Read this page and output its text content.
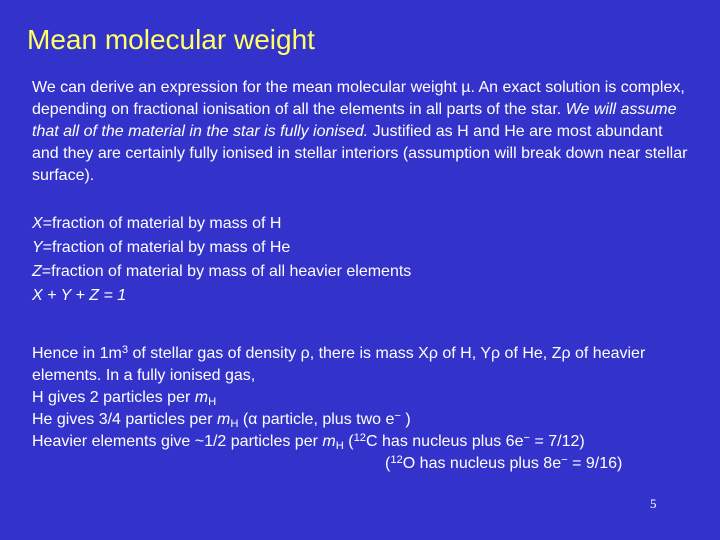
Mean molecular weight
We can derive an expression for the mean molecular weight µ. An exact solution is complex, depending on fractional ionisation of all the elements in all parts of the star. We will assume that all of the material in the star is fully ionised. Justified as H and He are most abundant and they are certainly fully ionised in stellar interiors (assumption will break down near stellar surface).
X=fraction of material by mass of H
Y=fraction of material by mass of He
Z=fraction of material by mass of all heavier elements
X + Y + Z = 1
Hence in $1m^3$ of stellar gas of density ρ, there is mass Xρ of H, Yρ of He, Zρ of heavier elements. In a fully ionised gas,
H gives 2 particles per $m_H$
He gives 3/4 particles per $m_H$ (α particle, plus two e− )
Heavier elements give ~1/2 particles per $m_H$ ($^{12}$C has nucleus plus 6e− = 7/12)
($^{12}$O has nucleus plus 8e− = 9/16)
5
